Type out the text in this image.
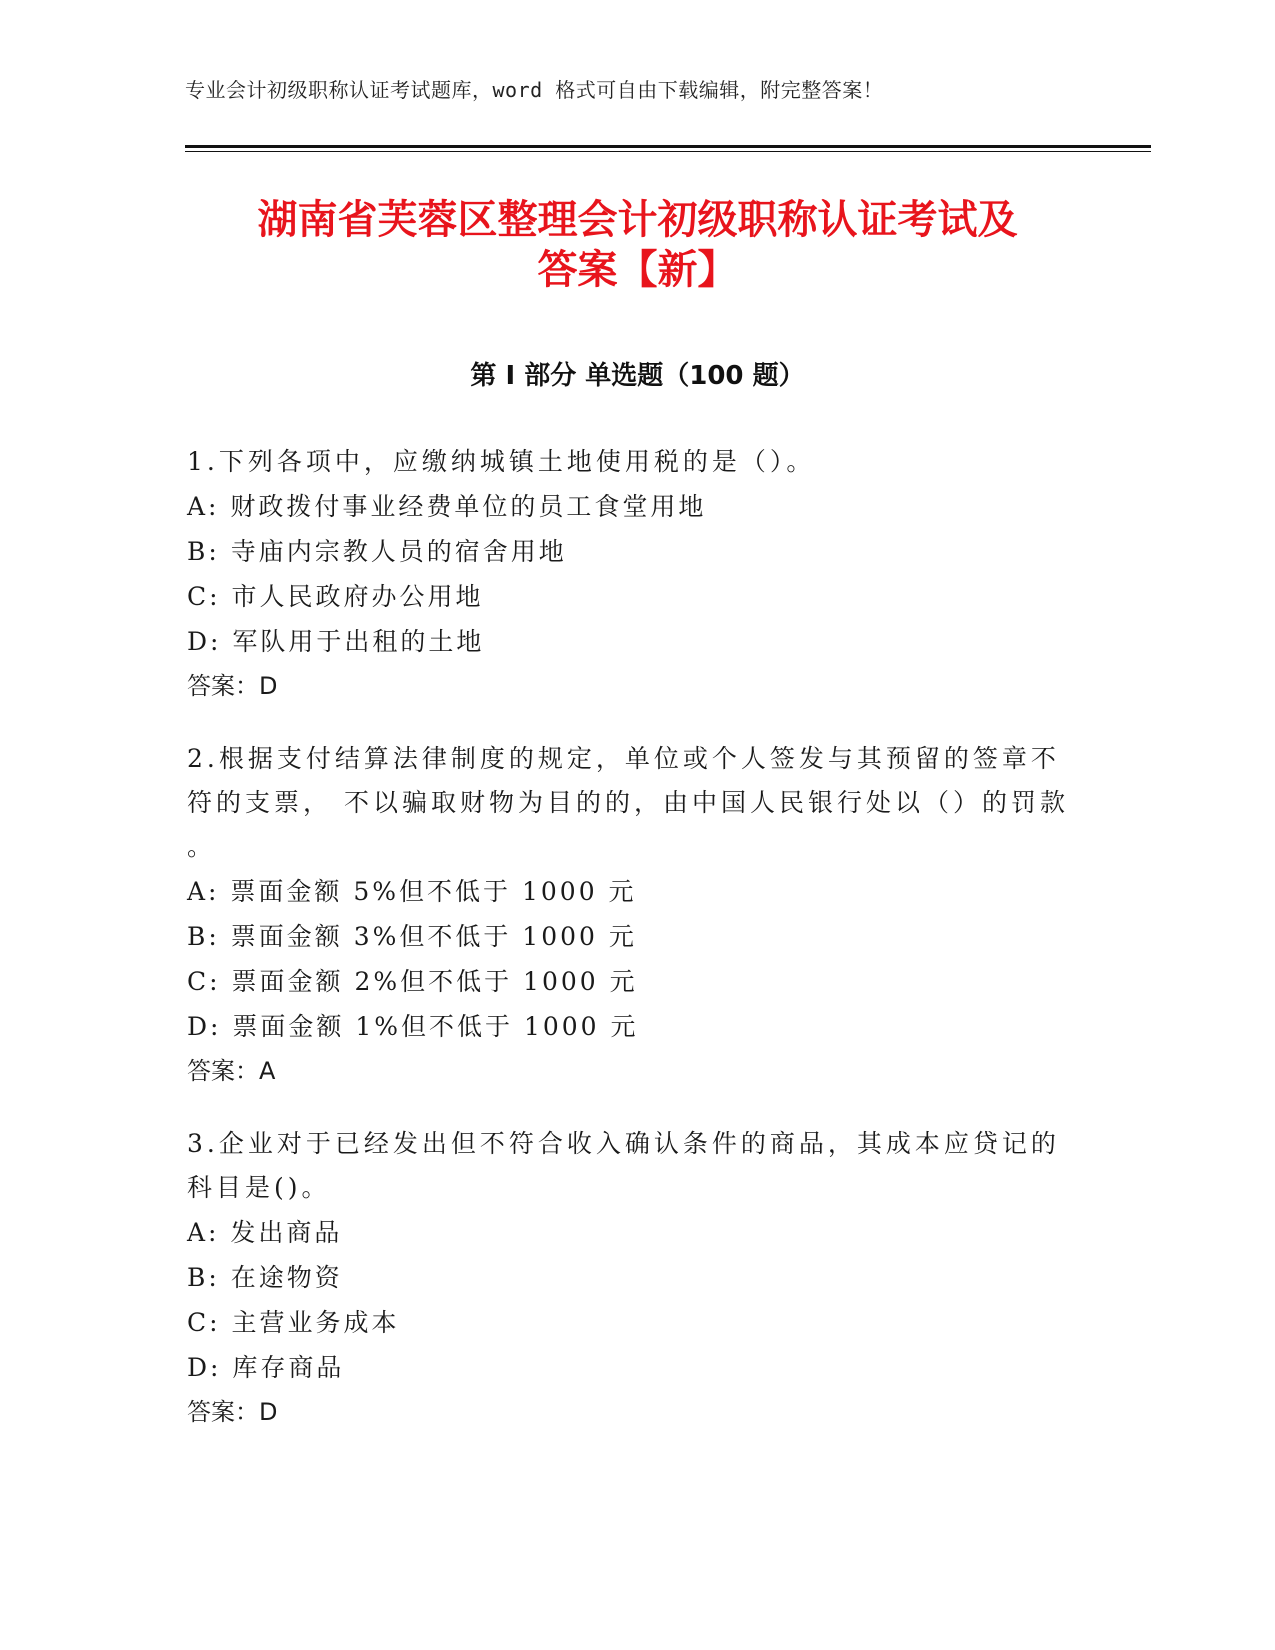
专业会计初级职称认证考试题库，word 格式可自由下载编辑，附完整答案！
湖南省芙蓉区整理会计初级职称认证考试及
答案【新】
第 I 部分 单选题（100 题）

1.下列各项中，应缴纳城镇土地使用税的是（）。

A: 财政拨付事业经费单位的员工食堂用地

B: 寺庙内宗教人员的宿舍用地

C: 市人民政府办公用地

D: 军队用于出租的土地

答案：D

2.根据支付结算法律制度的规定，单位或个人签发与其预留的签章不

符的支票， 不以骗取财物为目的的，由中国人民银行处以（）的罚款

。

A: 票面金额 5%但不低于 1000 元

B: 票面金额 3%但不低于 1000 元

C: 票面金额 2%但不低于 1000 元

D: 票面金额 1%但不低于 1000 元

答案：A

3.企业对于已经发出但不符合收入确认条件的商品，其成本应贷记的

科目是()。

A: 发出商品

B: 在途物资

C: 主营业务成本

D: 库存商品

答案：D
